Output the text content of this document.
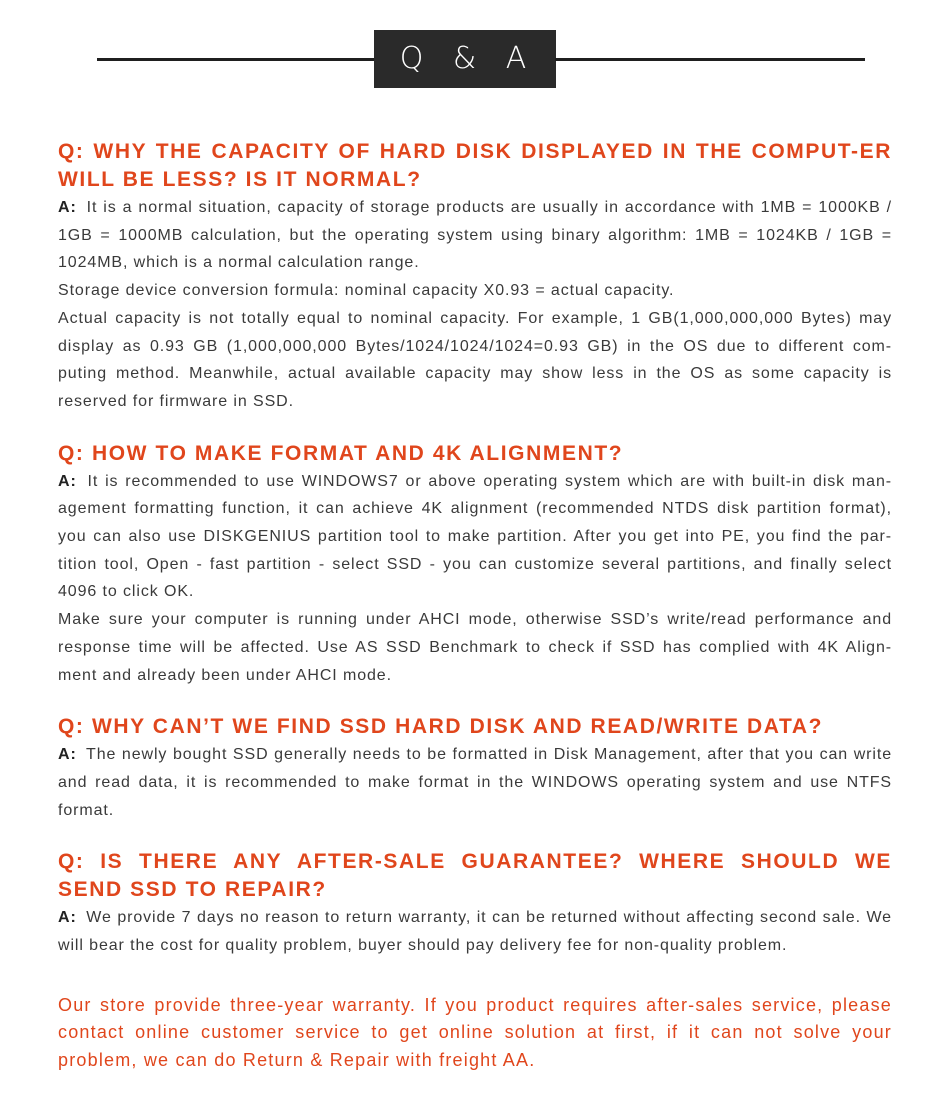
Q & A
Q: WHY THE CAPACITY OF HARD DISK DISPLAYED IN THE COMPUT-ER WILL BE LESS? IS IT NORMAL?

A: It is a normal situation, capacity of storage products are usually in accordance with 1MB = 1000KB / 1GB = 1000MB calculation, but the operating system using binary algorithm: 1MB = 1024KB / 1GB = 1024MB, which is a normal calculation range.

Storage device conversion formula: nominal capacity X0.93 = actual capacity.

Actual capacity is not totally equal to nominal capacity. For example, 1 GB(1,000,000,000 Bytes) may display as 0.93 GB (1,000,000,000 Bytes/1024/1024/1024=0.93 GB) in the OS due to different com-puting method. Meanwhile, actual available capacity may show less in the OS as some capacity is reserved for firmware in SSD.

Q: HOW TO MAKE FORMAT AND 4K ALIGNMENT?

A: It is recommended to use WINDOWS7 or above operating system which are with built-in disk man-agement formatting function, it can achieve 4K alignment (recommended NTDS disk partition format), you can also use DISKGENIUS partition tool to make partition. After you get into PE, you find the par-tition tool, Open - fast partition - select SSD - you can customize several partitions, and finally select 4096 to click OK.

Make sure your computer is running under AHCI mode, otherwise SSD’s write/read performance and response time will be affected. Use AS SSD Benchmark to check if SSD has complied with 4K Align-ment and already been under AHCI mode.

Q: WHY CAN’T WE FIND SSD HARD DISK AND READ/WRITE DATA?

A: The newly bought SSD generally needs to be formatted in Disk Management, after that you can write and read data, it is recommended to make format in the WINDOWS operating system and use NTFS format.

Q: IS THERE ANY AFTER-SALE GUARANTEE? WHERE SHOULD WE SEND SSD TO REPAIR?

A: We provide 7 days no reason to return warranty, it can be returned without affecting second sale. We will bear the cost for quality problem, buyer should pay delivery fee for non-quality problem.

Our store provide three-year warranty. If you product requires after-sales service, please contact online customer service to get online solution at first, if it can not solve your problem, we can do Return & Repair with freight AA.
